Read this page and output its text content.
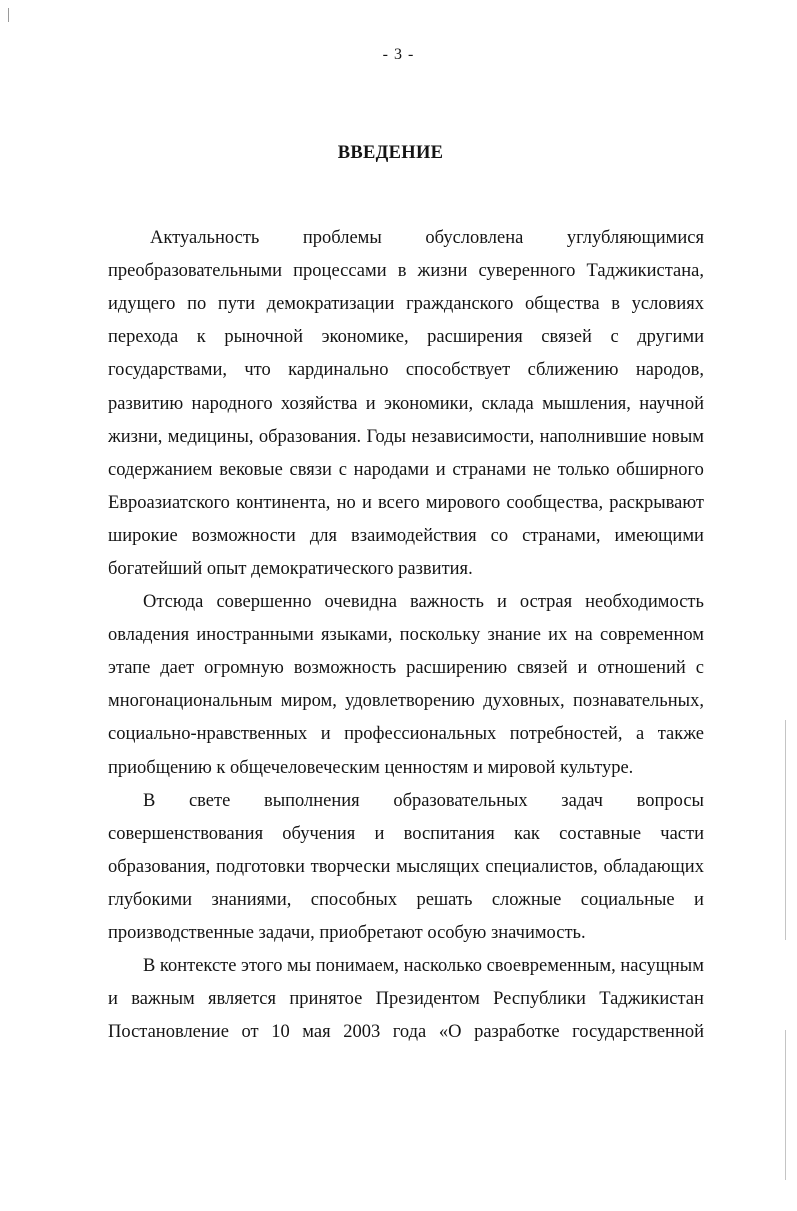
- 3 -
ВВЕДЕНИЕ
Актуальность проблемы обусловлена углубляющимися
преобразовательными процессами в жизни суверенного Таджикистана,
идущего по пути демократизации гражданского общества в условиях
перехода к рыночной экономике, расширения связей с другими
государствами, что кардинально способствует сближению народов,
развитию народного хозяйства и экономики, склада мышления, научной
жизни, медицины, образования. Годы независимости, наполнившие новым
содержанием вековые связи с народами и странами не только обширного
Евроазиатского континента, но и всего мирового сообщества, раскрывают
широкие возможности для взаимодействия со странами, имеющими
богатейший опыт демократического развития.
Отсюда совершенно очевидна важность и острая необходимость
овладения иностранными языками, поскольку знание их на современном
этапе дает огромную возможность расширению связей и отношений с
многонациональным миром, удовлетворению духовных, познавательных,
социально-нравственных и профессиональных потребностей, а также
приобщению к общечеловеческим ценностям и мировой культуре.
В свете выполнения образовательных задач вопросы
совершенствования обучения и воспитания как составные части
образования, подготовки творчески мыслящих специалистов, обладающих
глубокими знаниями, способных решать сложные социальные и
производственные задачи, приобретают особую значимость.
В контексте этого мы понимаем, насколько своевременным, насущным
и важным является принятое Президентом Республики Таджикистан
Постановление от 10 мая 2003 года «О разработке государственной
